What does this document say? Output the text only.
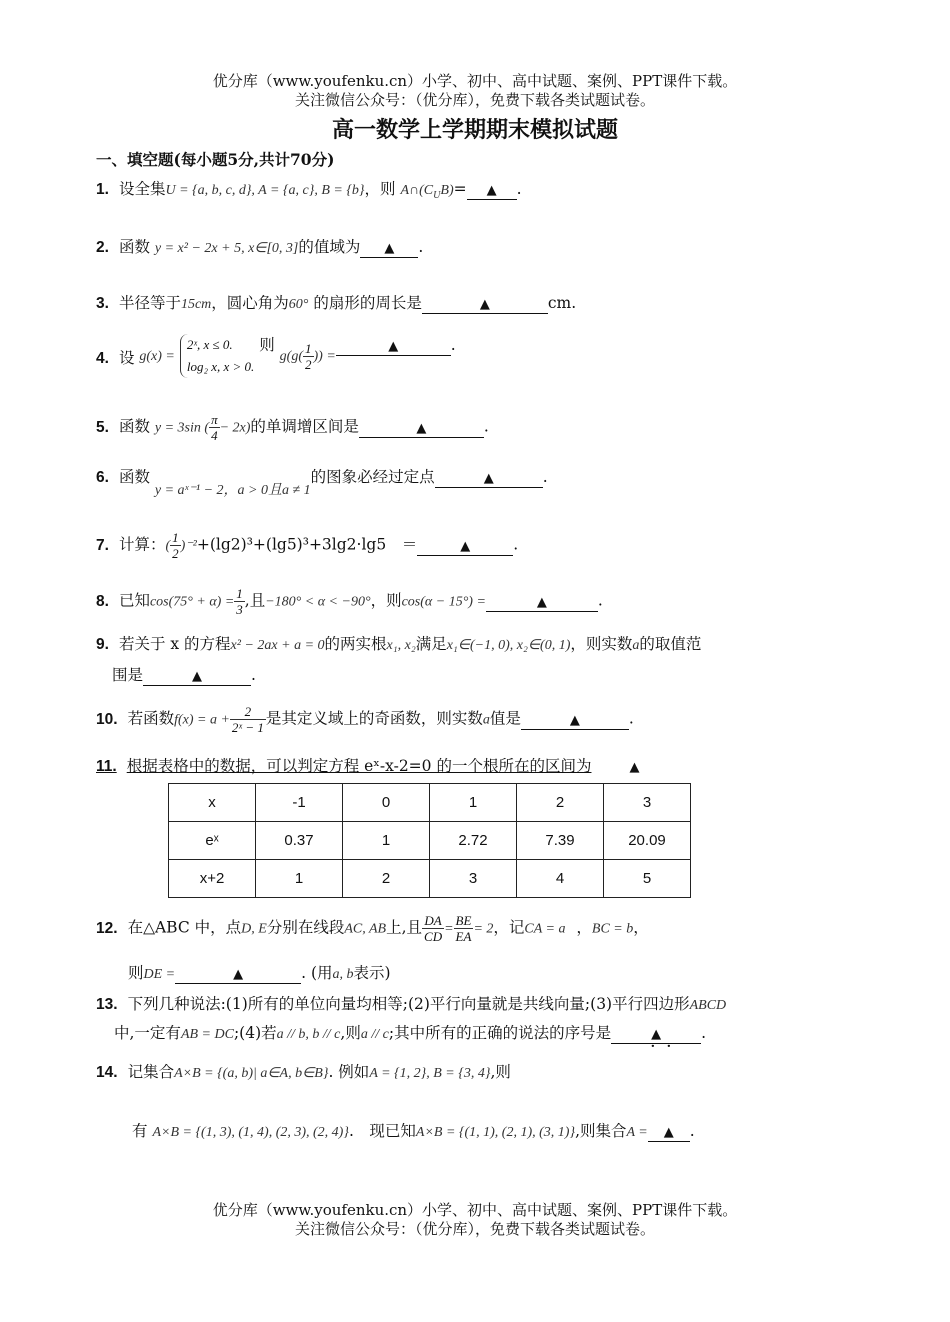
优分库（www.youfenku.cn）小学、初中、高中试题、案例、PPT课件下载。
关注微信公众号：（优分库），免费下载各类试题试卷。
高一数学上学期期末模拟试题
一、填空题(每小题5分,共计70分)
1. 设全集U = {a, b, c, d}, A = {a, c}, B = {b}，则 $A\cap(C_UB)=$ ▲ .
2. 函数 y = x² − 2x + 5, x∈[0, 3]的值域为 ▲ .
3. 半径等于15cm，圆心角为60° 的扇形的周长是	▲	cm.
4. 设 g(x) =
2ˣ, x ≤ 0.
log₂ x, x > 0.
则 $g(g( \frac{1}{2}$ )) =▲	.
5. 函数 y = 3sin ( $\frac{\pi}{4} - 2x$)的单调增区间是	▲	.
6. 函数 y = aˣ⁻¹ − 2，a > 0且a ≠ 1的图象必经过定点	▲	.
7. 计算：( $\frac{1}{2} )^{-2}+(\lg 2)^3+(\lg 5)^3+3\lg 2\cdot\lg 5$　＝	▲	.
8. 已知$\cos(75^\circ + \alpha) = \frac{1}{3}$ ,且−180° < α < −90°，则cos(α − 15°) =	▲	.
9. 若关于 x 的方程x² − 2ax + a = 0的两实根x₁, x₂满足x₁∈(−1, 0), x₂∈(0, 1)，则实数a的取值范
围是	▲	.
10. 若函数$f(x) = a + \frac{2}{\text{2ˣ − 1}}$ 是其定义域上的奇函数，则实数a值是	▲	.
11. 根据表格中的数据，可以判定方程 eˣ-x-2=0 的一个根所在的区间为	▲
x	-1	0	1	2	3
eˣ	0.37	1	2.72	7.39	20.09
x+2	1	2	3	4	5
12. 在△ABC 中，点D, E分别在线段AC, AB上,且 $\frac{DA}{CD} = \frac{BE}{EA} = 2$，记CA = a⃗，BC = b，
则DE =	▲	. (用a, b表示)
13. 下列几种说法:(1)所有的单位向量均相等;(2)平行向量就是共线向量;(3)平行四边形ABCD
中,一定有AB = DC;(4)若a // b, b // c,则a // c;其中所有的正确的说法的序号是	▲	.
· ·
14. 记集合A×B = {(a, b)| a∈A, b∈B}. 例如A = {1, 2}, B = {3, 4},则
有 A×B = {(1, 3), (1, 4), (2, 3), (2, 4)}.　现已知A×B = {(1, 1), (2, 1), (3, 1)},则集合A = ▲ .
优分库（www.youfenku.cn）小学、初中、高中试题、案例、PPT课件下载。
关注微信公众号：（优分库），免费下载各类试题试卷。
